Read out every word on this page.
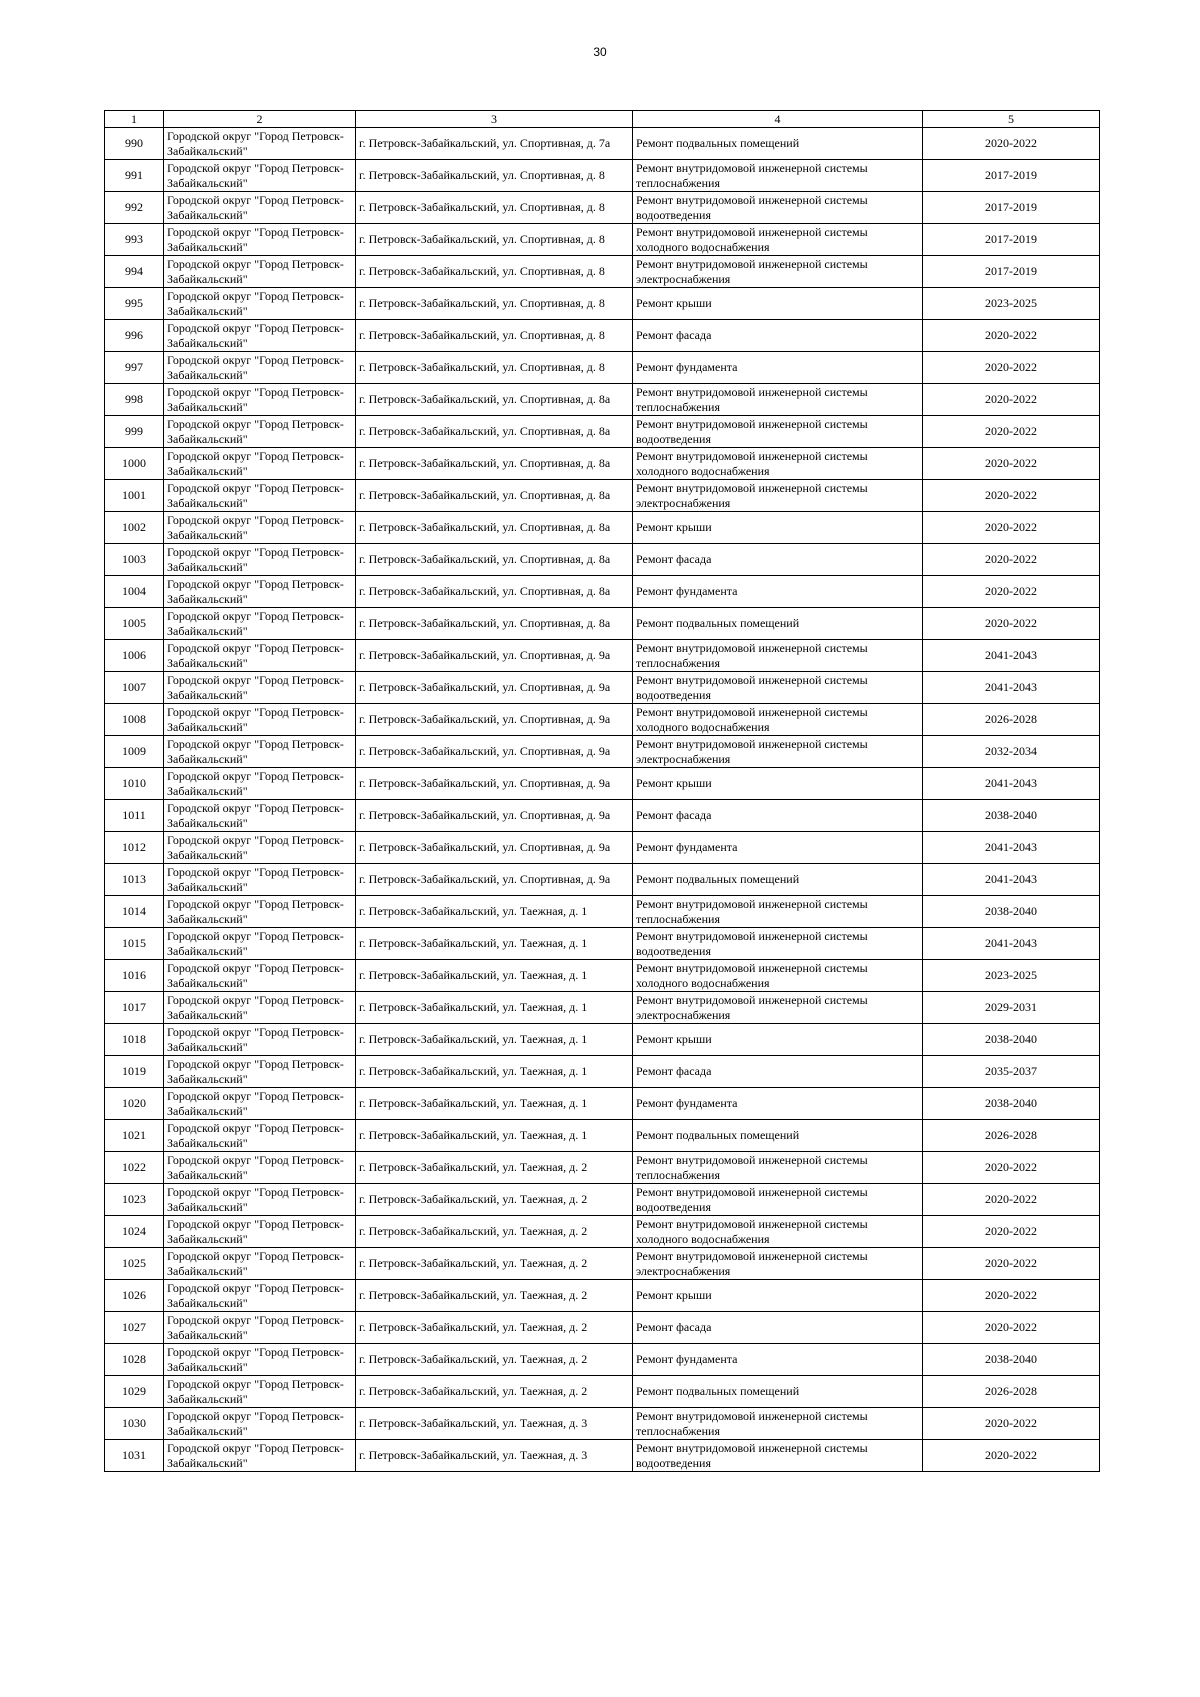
30
1	2	3	4	5
990	Городской округ "Город Петровск-Забайкальский"	г. Петровск-Забайкальский, ул. Спортивная, д. 7а	Ремонт подвальных помещений	2020-2022
991	Городской округ "Город Петровск-Забайкальский"	г. Петровск-Забайкальский, ул. Спортивная, д. 8	Ремонт внутридомовой инженерной системы теплоснабжения	2017-2019
992	Городской округ "Город Петровск-Забайкальский"	г. Петровск-Забайкальский, ул. Спортивная, д. 8	Ремонт внутридомовой инженерной системы водоотведения	2017-2019
993	Городской округ "Город Петровск-Забайкальский"	г. Петровск-Забайкальский, ул. Спортивная, д. 8	Ремонт внутридомовой инженерной системы холодного водоснабжения	2017-2019
994	Городской округ "Город Петровск-Забайкальский"	г. Петровск-Забайкальский, ул. Спортивная, д. 8	Ремонт внутридомовой инженерной системы электроснабжения	2017-2019
995	Городской округ "Город Петровск-Забайкальский"	г. Петровск-Забайкальский, ул. Спортивная, д. 8	Ремонт крыши	2023-2025
996	Городской округ "Город Петровск-Забайкальский"	г. Петровск-Забайкальский, ул. Спортивная, д. 8	Ремонт фасада	2020-2022
997	Городской округ "Город Петровск-Забайкальский"	г. Петровск-Забайкальский, ул. Спортивная, д. 8	Ремонт фундамента	2020-2022
998	Городской округ "Город Петровск-Забайкальский"	г. Петровск-Забайкальский, ул. Спортивная, д. 8а	Ремонт внутридомовой инженерной системы теплоснабжения	2020-2022
999	Городской округ "Город Петровск-Забайкальский"	г. Петровск-Забайкальский, ул. Спортивная, д. 8а	Ремонт внутридомовой инженерной системы водоотведения	2020-2022
1000	Городской округ "Город Петровск-Забайкальский"	г. Петровск-Забайкальский, ул. Спортивная, д. 8а	Ремонт внутридомовой инженерной системы холодного водоснабжения	2020-2022
1001	Городской округ "Город Петровск-Забайкальский"	г. Петровск-Забайкальский, ул. Спортивная, д. 8а	Ремонт внутридомовой инженерной системы электроснабжения	2020-2022
1002	Городской округ "Город Петровск-Забайкальский"	г. Петровск-Забайкальский, ул. Спортивная, д. 8а	Ремонт крыши	2020-2022
1003	Городской округ "Город Петровск-Забайкальский"	г. Петровск-Забайкальский, ул. Спортивная, д. 8а	Ремонт фасада	2020-2022
1004	Городской округ "Город Петровск-Забайкальский"	г. Петровск-Забайкальский, ул. Спортивная, д. 8а	Ремонт фундамента	2020-2022
1005	Городской округ "Город Петровск-Забайкальский"	г. Петровск-Забайкальский, ул. Спортивная, д. 8а	Ремонт подвальных помещений	2020-2022
1006	Городской округ "Город Петровск-Забайкальский"	г. Петровск-Забайкальский, ул. Спортивная, д. 9а	Ремонт внутридомовой инженерной системы теплоснабжения	2041-2043
1007	Городской округ "Город Петровск-Забайкальский"	г. Петровск-Забайкальский, ул. Спортивная, д. 9а	Ремонт внутридомовой инженерной системы водоотведения	2041-2043
1008	Городской округ "Город Петровск-Забайкальский"	г. Петровск-Забайкальский, ул. Спортивная, д. 9а	Ремонт внутридомовой инженерной системы холодного водоснабжения	2026-2028
1009	Городской округ "Город Петровск-Забайкальский"	г. Петровск-Забайкальский, ул. Спортивная, д. 9а	Ремонт внутридомовой инженерной системы электроснабжения	2032-2034
1010	Городской округ "Город Петровск-Забайкальский"	г. Петровск-Забайкальский, ул. Спортивная, д. 9а	Ремонт крыши	2041-2043
1011	Городской округ "Город Петровск-Забайкальский"	г. Петровск-Забайкальский, ул. Спортивная, д. 9а	Ремонт фасада	2038-2040
1012	Городской округ "Город Петровск-Забайкальский"	г. Петровск-Забайкальский, ул. Спортивная, д. 9а	Ремонт фундамента	2041-2043
1013	Городской округ "Город Петровск-Забайкальский"	г. Петровск-Забайкальский, ул. Спортивная, д. 9а	Ремонт подвальных помещений	2041-2043
1014	Городской округ "Город Петровск-Забайкальский"	г. Петровск-Забайкальский, ул. Таежная, д. 1	Ремонт внутридомовой инженерной системы теплоснабжения	2038-2040
1015	Городской округ "Город Петровск-Забайкальский"	г. Петровск-Забайкальский, ул. Таежная, д. 1	Ремонт внутридомовой инженерной системы водоотведения	2041-2043
1016	Городской округ "Город Петровск-Забайкальский"	г. Петровск-Забайкальский, ул. Таежная, д. 1	Ремонт внутридомовой инженерной системы холодного водоснабжения	2023-2025
1017	Городской округ "Город Петровск-Забайкальский"	г. Петровск-Забайкальский, ул. Таежная, д. 1	Ремонт внутридомовой инженерной системы электроснабжения	2029-2031
1018	Городской округ "Город Петровск-Забайкальский"	г. Петровск-Забайкальский, ул. Таежная, д. 1	Ремонт крыши	2038-2040
1019	Городской округ "Город Петровск-Забайкальский"	г. Петровск-Забайкальский, ул. Таежная, д. 1	Ремонт фасада	2035-2037
1020	Городской округ "Город Петровск-Забайкальский"	г. Петровск-Забайкальский, ул. Таежная, д. 1	Ремонт фундамента	2038-2040
1021	Городской округ "Город Петровск-Забайкальский"	г. Петровск-Забайкальский, ул. Таежная, д. 1	Ремонт подвальных помещений	2026-2028
1022	Городской округ "Город Петровск-Забайкальский"	г. Петровск-Забайкальский, ул. Таежная, д. 2	Ремонт внутридомовой инженерной системы теплоснабжения	2020-2022
1023	Городской округ "Город Петровск-Забайкальский"	г. Петровск-Забайкальский, ул. Таежная, д. 2	Ремонт внутридомовой инженерной системы водоотведения	2020-2022
1024	Городской округ "Город Петровск-Забайкальский"	г. Петровск-Забайкальский, ул. Таежная, д. 2	Ремонт внутридомовой инженерной системы холодного водоснабжения	2020-2022
1025	Городской округ "Город Петровск-Забайкальский"	г. Петровск-Забайкальский, ул. Таежная, д. 2	Ремонт внутридомовой инженерной системы электроснабжения	2020-2022
1026	Городской округ "Город Петровск-Забайкальский"	г. Петровск-Забайкальский, ул. Таежная, д. 2	Ремонт крыши	2020-2022
1027	Городской округ "Город Петровск-Забайкальский"	г. Петровск-Забайкальский, ул. Таежная, д. 2	Ремонт фасада	2020-2022
1028	Городской округ "Город Петровск-Забайкальский"	г. Петровск-Забайкальский, ул. Таежная, д. 2	Ремонт фундамента	2038-2040
1029	Городской округ "Город Петровск-Забайкальский"	г. Петровск-Забайкальский, ул. Таежная, д. 2	Ремонт подвальных помещений	2026-2028
1030	Городской округ "Город Петровск-Забайкальский"	г. Петровск-Забайкальский, ул. Таежная, д. 3	Ремонт внутридомовой инженерной системы теплоснабжения	2020-2022
1031	Городской округ "Город Петровск-Забайкальский"	г. Петровск-Забайкальский, ул. Таежная, д. 3	Ремонт внутридомовой инженерной системы водоотведения	2020-2022
